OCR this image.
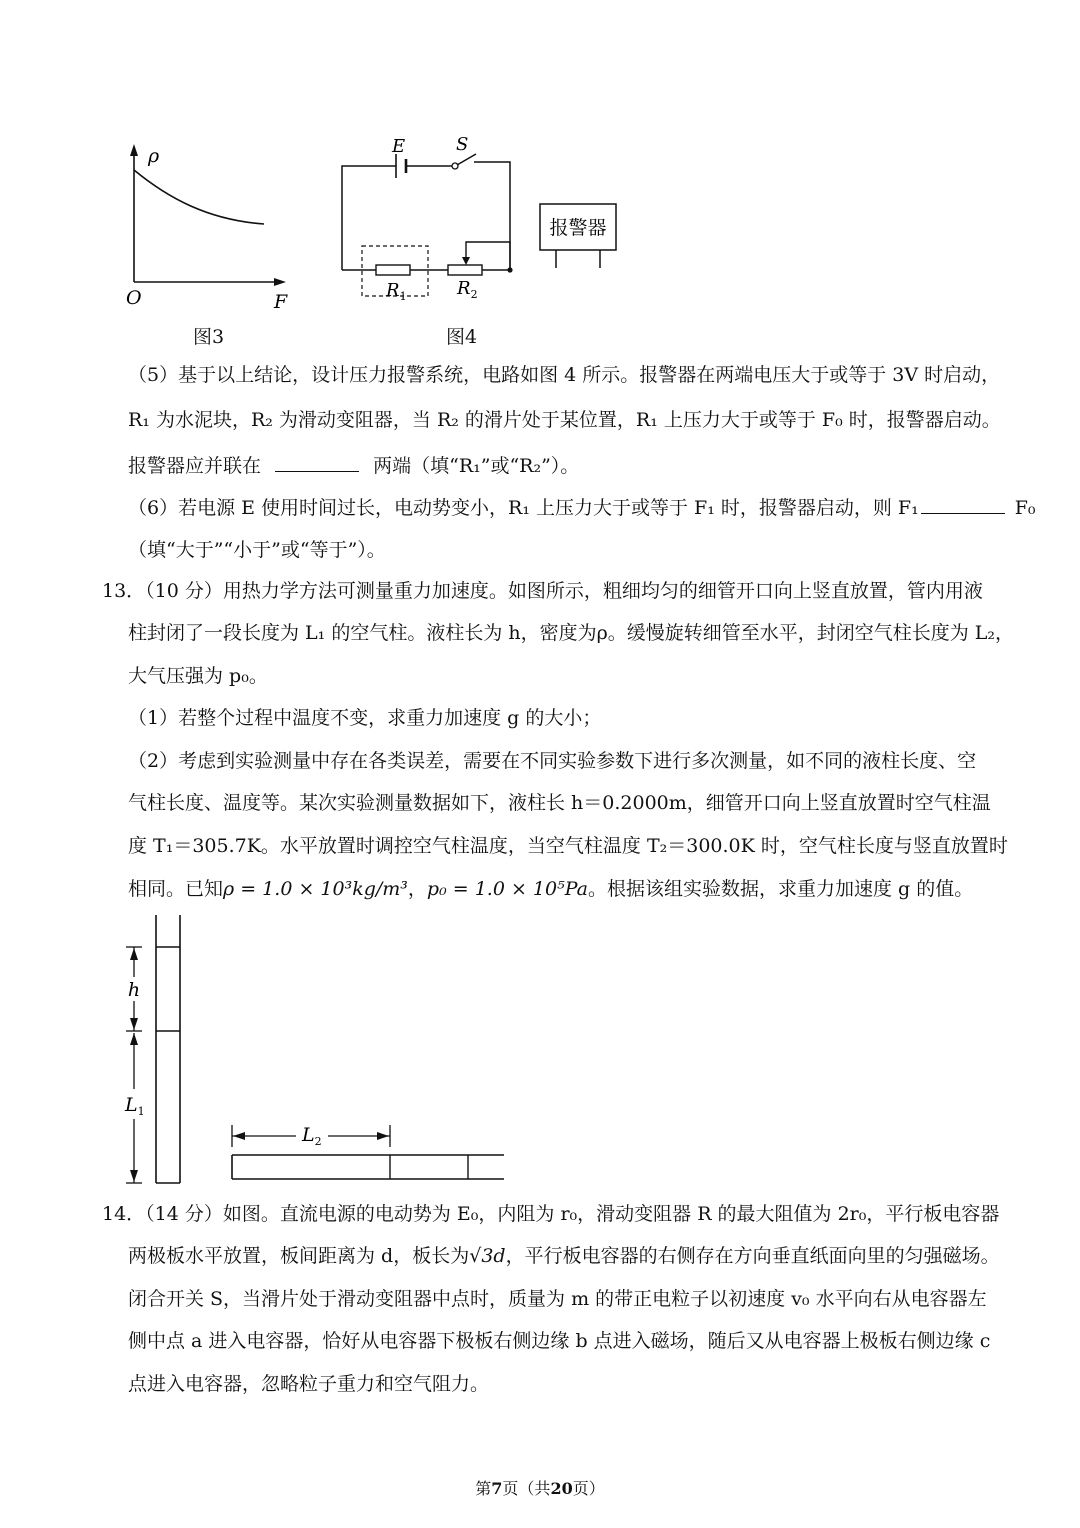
ρ
F
O
图3
E	S
$R_1$	$R_2$
报警器
图4
（5）基于以上结论，设计压力报警系统，电路如图 4 所示。报警器在两端电压大于或等于 3V 时启动，
R₁ 为水泥块，R₂ 为滑动变阻器，当 R₂ 的滑片处于某位置，R₁ 上压力大于或等于 F₀ 时，报警器启动。
报警器应并联在	两端（填“R₁”或“R₂”）。
（6）若电源 E 使用时间过长，电动势变小，R₁ 上压力大于或等于 F₁ 时，报警器启动，则 F₁	F₀
（填“大于”“小于”或“等于”）。
13．（10 分）用热力学方法可测量重力加速度。如图所示，粗细均匀的细管开口向上竖直放置，管内用液
柱封闭了一段长度为 L₁ 的空气柱。液柱长为 h，密度为ρ。缓慢旋转细管至水平，封闭空气柱长度为 L₂，
大气压强为 p₀。
（1）若整个过程中温度不变，求重力加速度 g 的大小；
（2）考虑到实验测量中存在各类误差，需要在不同实验参数下进行多次测量，如不同的液柱长度、空
气柱长度、温度等。某次实验测量数据如下，液柱长 h＝0.2000m，细管开口向上竖直放置时空气柱温
度 T₁＝305.7K。水平放置时调控空气柱温度，当空气柱温度 T₂＝300.0K 时，空气柱长度与竖直放置时
相同。已知ρ = 1.0 × 10³kg/m³，p₀ = 1.0 × 10⁵Pa。根据该组实验数据，求重力加速度 g 的值。
h
$L_1$
$L_2$
14．（14 分）如图。直流电源的电动势为 E₀，内阻为 r₀，滑动变阻器 R 的最大阻值为 2r₀，平行板电容器
两极板水平放置，板间距离为 d，板长为√3d，平行板电容器的右侧存在方向垂直纸面向里的匀强磁场。
闭合开关 S，当滑片处于滑动变阻器中点时，质量为 m 的带正电粒子以初速度 v₀ 水平向右从电容器左
侧中点 a 进入电容器，恰好从电容器下极板右侧边缘 b 点进入磁场，随后又从电容器上极板右侧边缘 c
点进入电容器，忽略粒子重力和空气阻力。
第7页（共20页）
